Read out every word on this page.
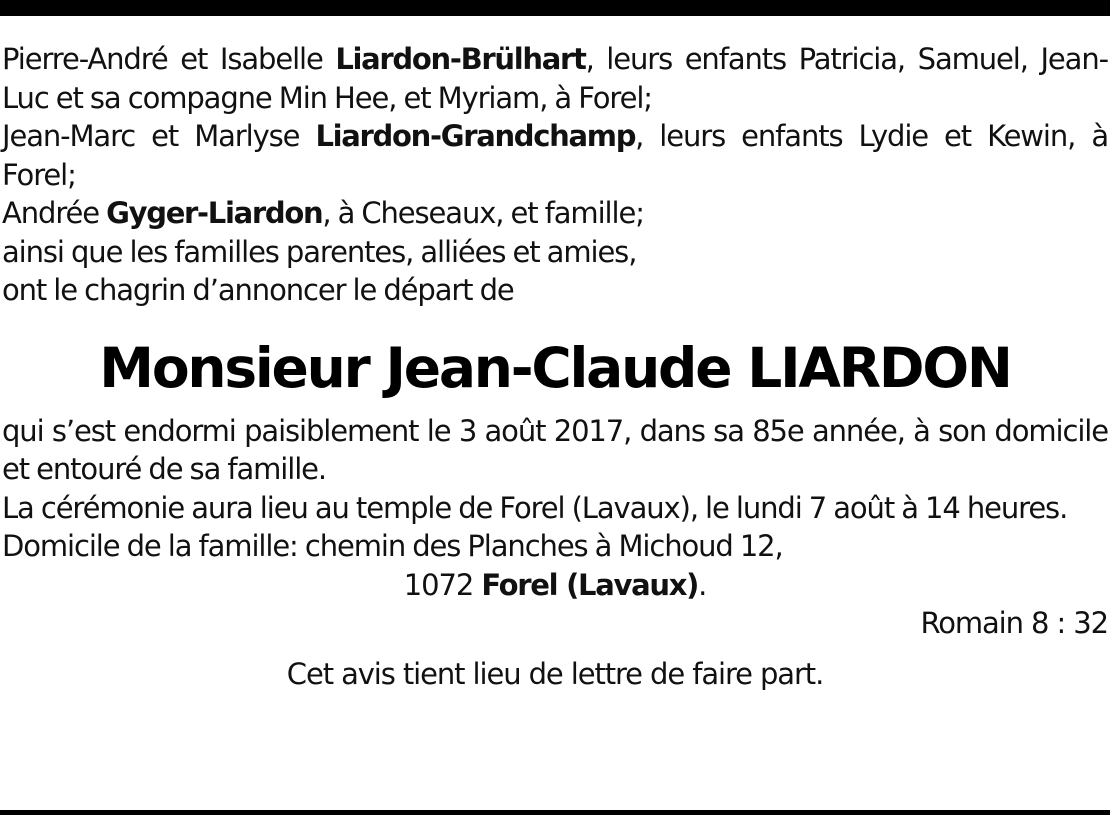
Pierre-André et Isabelle Liardon-Brülhart, leurs enfants Patricia, Samuel, Jean-Luc et sa compagne Min Hee, et Myriam, à Forel;

Jean-Marc et Marlyse Liardon-Grandchamp, leurs enfants Lydie et Kewin, à Forel;

Andrée Gyger-Liardon, à Cheseaux, et famille;

ainsi que les familles parentes, alliées et amies,

ont le chagrin d’annoncer le départ de

Monsieur Jean-Claude LIARDON

qui s’est endormi paisiblement le 3 août 2017, dans sa 85e année, à son domicile et entouré de sa famille.

La cérémonie aura lieu au temple de Forel (Lavaux), le lundi 7 août à 14 heures.

Domicile de la famille: chemin des Planches à Michoud 12,

1072 Forel (Lavaux).

Romain 8 : 32

Cet avis tient lieu de lettre de faire part.
